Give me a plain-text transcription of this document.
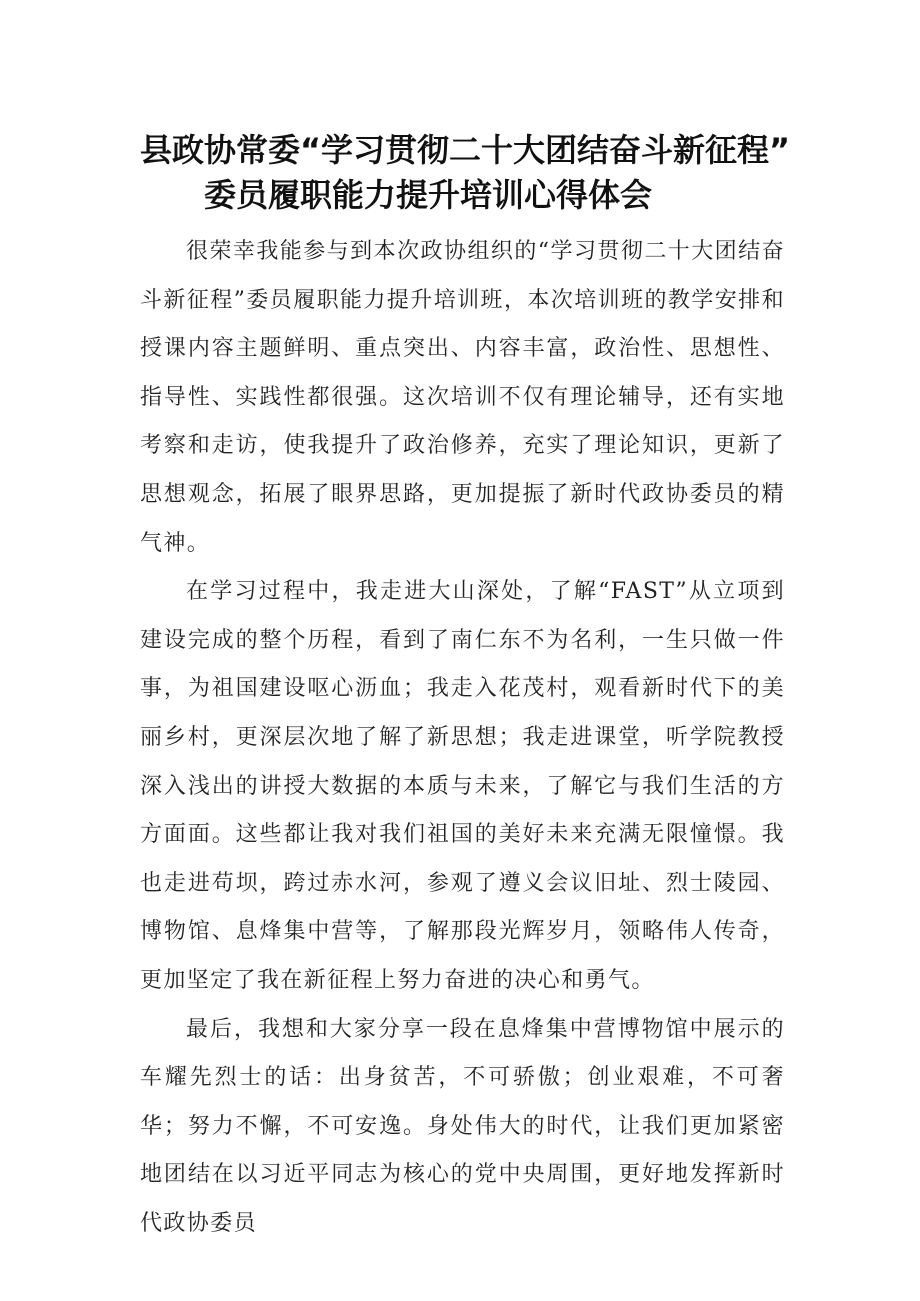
县政协常委“学习贯彻二十大团结奋斗新征程”
委员履职能力提升培训心得体会

很荣幸我能参与到本次政协组织的“学习贯彻二十大团结奋斗新征程”委员履职能力提升培训班，本次培训班的教学安排和授课内容主题鲜明、重点突出、内容丰富，政治性、思想性、指导性、实践性都很强。这次培训不仅有理论辅导，还有实地考察和走访，使我提升了政治修养，充实了理论知识，更新了思想观念，拓展了眼界思路，更加提振了新时代政协委员的精气神。

在学习过程中，我走进大山深处，了解“FAST”从立项到建设完成的整个历程，看到了南仁东不为名利，一生只做一件事，为祖国建设呕心沥血；我走入花茂村，观看新时代下的美丽乡村，更深层次地了解了新思想；我走进课堂，听学院教授深入浅出的讲授大数据的本质与未来，了解它与我们生活的方方面面。这些都让我对我们祖国的美好未来充满无限憧憬。我也走进苟坝，跨过赤水河，参观了遵义会议旧址、烈士陵园、博物馆、息烽集中营等，了解那段光辉岁月，领略伟人传奇，更加坚定了我在新征程上努力奋进的决心和勇气。

最后，我想和大家分享一段在息烽集中营博物馆中展示的车耀先烈士的话：出身贫苦，不可骄傲；创业艰难，不可奢华；努力不懈，不可安逸。身处伟大的时代，让我们更加紧密地团结在以习近平同志为核心的党中央周围，更好地发挥新时代政协委员
